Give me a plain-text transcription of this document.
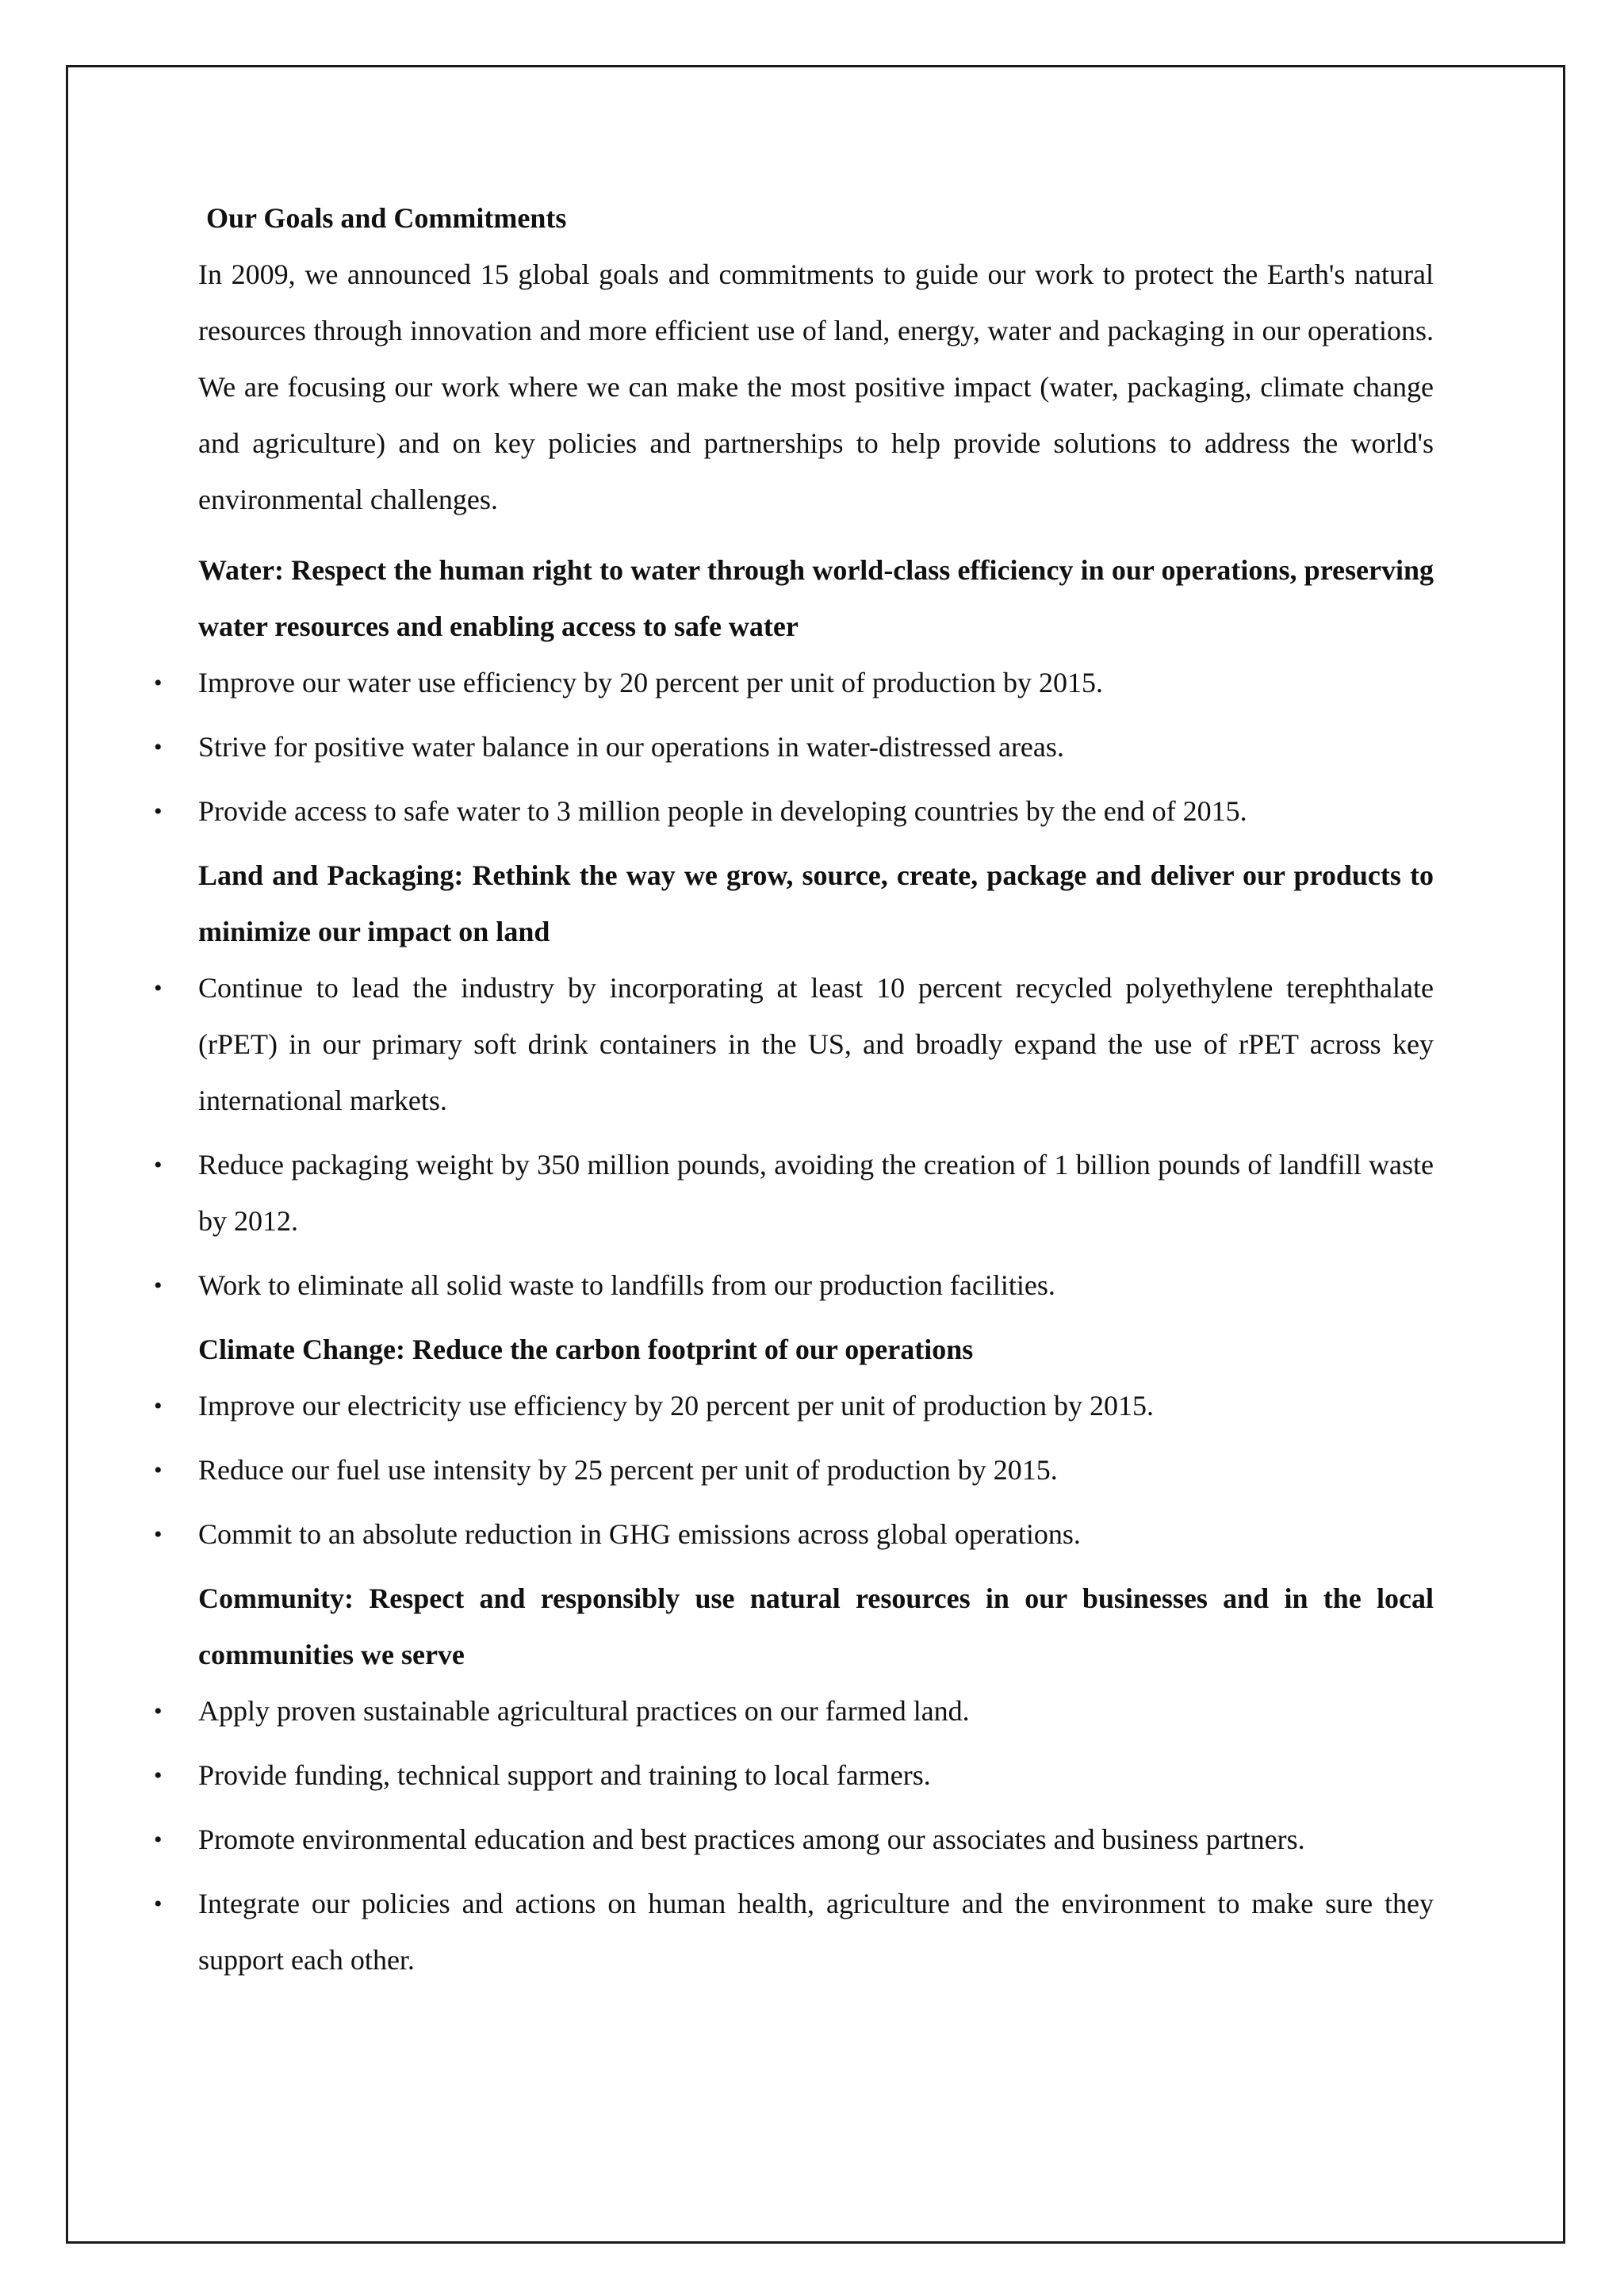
Our Goals and Commitments

In 2009, we announced 15 global goals and commitments to guide our work to protect the Earth's natural resources through innovation and more efficient use of land, energy, water and packaging in our operations. We are focusing our work where we can make the most positive impact (water, packaging, climate change and agriculture) and on key policies and partnerships to help provide solutions to address the world's environmental challenges.

Water: Respect the human right to water through world-class efficiency in our operations, preserving water resources and enabling access to safe water

• Improve our water use efficiency by 20 percent per unit of production by 2015.
• Strive for positive water balance in our operations in water-distressed areas.
• Provide access to safe water to 3 million people in developing countries by the end of 2015.

Land and Packaging: Rethink the way we grow, source, create, package and deliver our products to minimize our impact on land

• Continue to lead the industry by incorporating at least 10 percent recycled polyethylene terephthalate (rPET) in our primary soft drink containers in the US, and broadly expand the use of rPET across key international markets.
• Reduce packaging weight by 350 million pounds, avoiding the creation of 1 billion pounds of landfill waste by 2012.
• Work to eliminate all solid waste to landfills from our production facilities.

Climate Change: Reduce the carbon footprint of our operations

• Improve our electricity use efficiency by 20 percent per unit of production by 2015.
• Reduce our fuel use intensity by 25 percent per unit of production by 2015.
• Commit to an absolute reduction in GHG emissions across global operations.

Community: Respect and responsibly use natural resources in our businesses and in the local communities we serve

• Apply proven sustainable agricultural practices on our farmed land.
• Provide funding, technical support and training to local farmers.
• Promote environmental education and best practices among our associates and business partners.
• Integrate our policies and actions on human health, agriculture and the environment to make sure they support each other.
